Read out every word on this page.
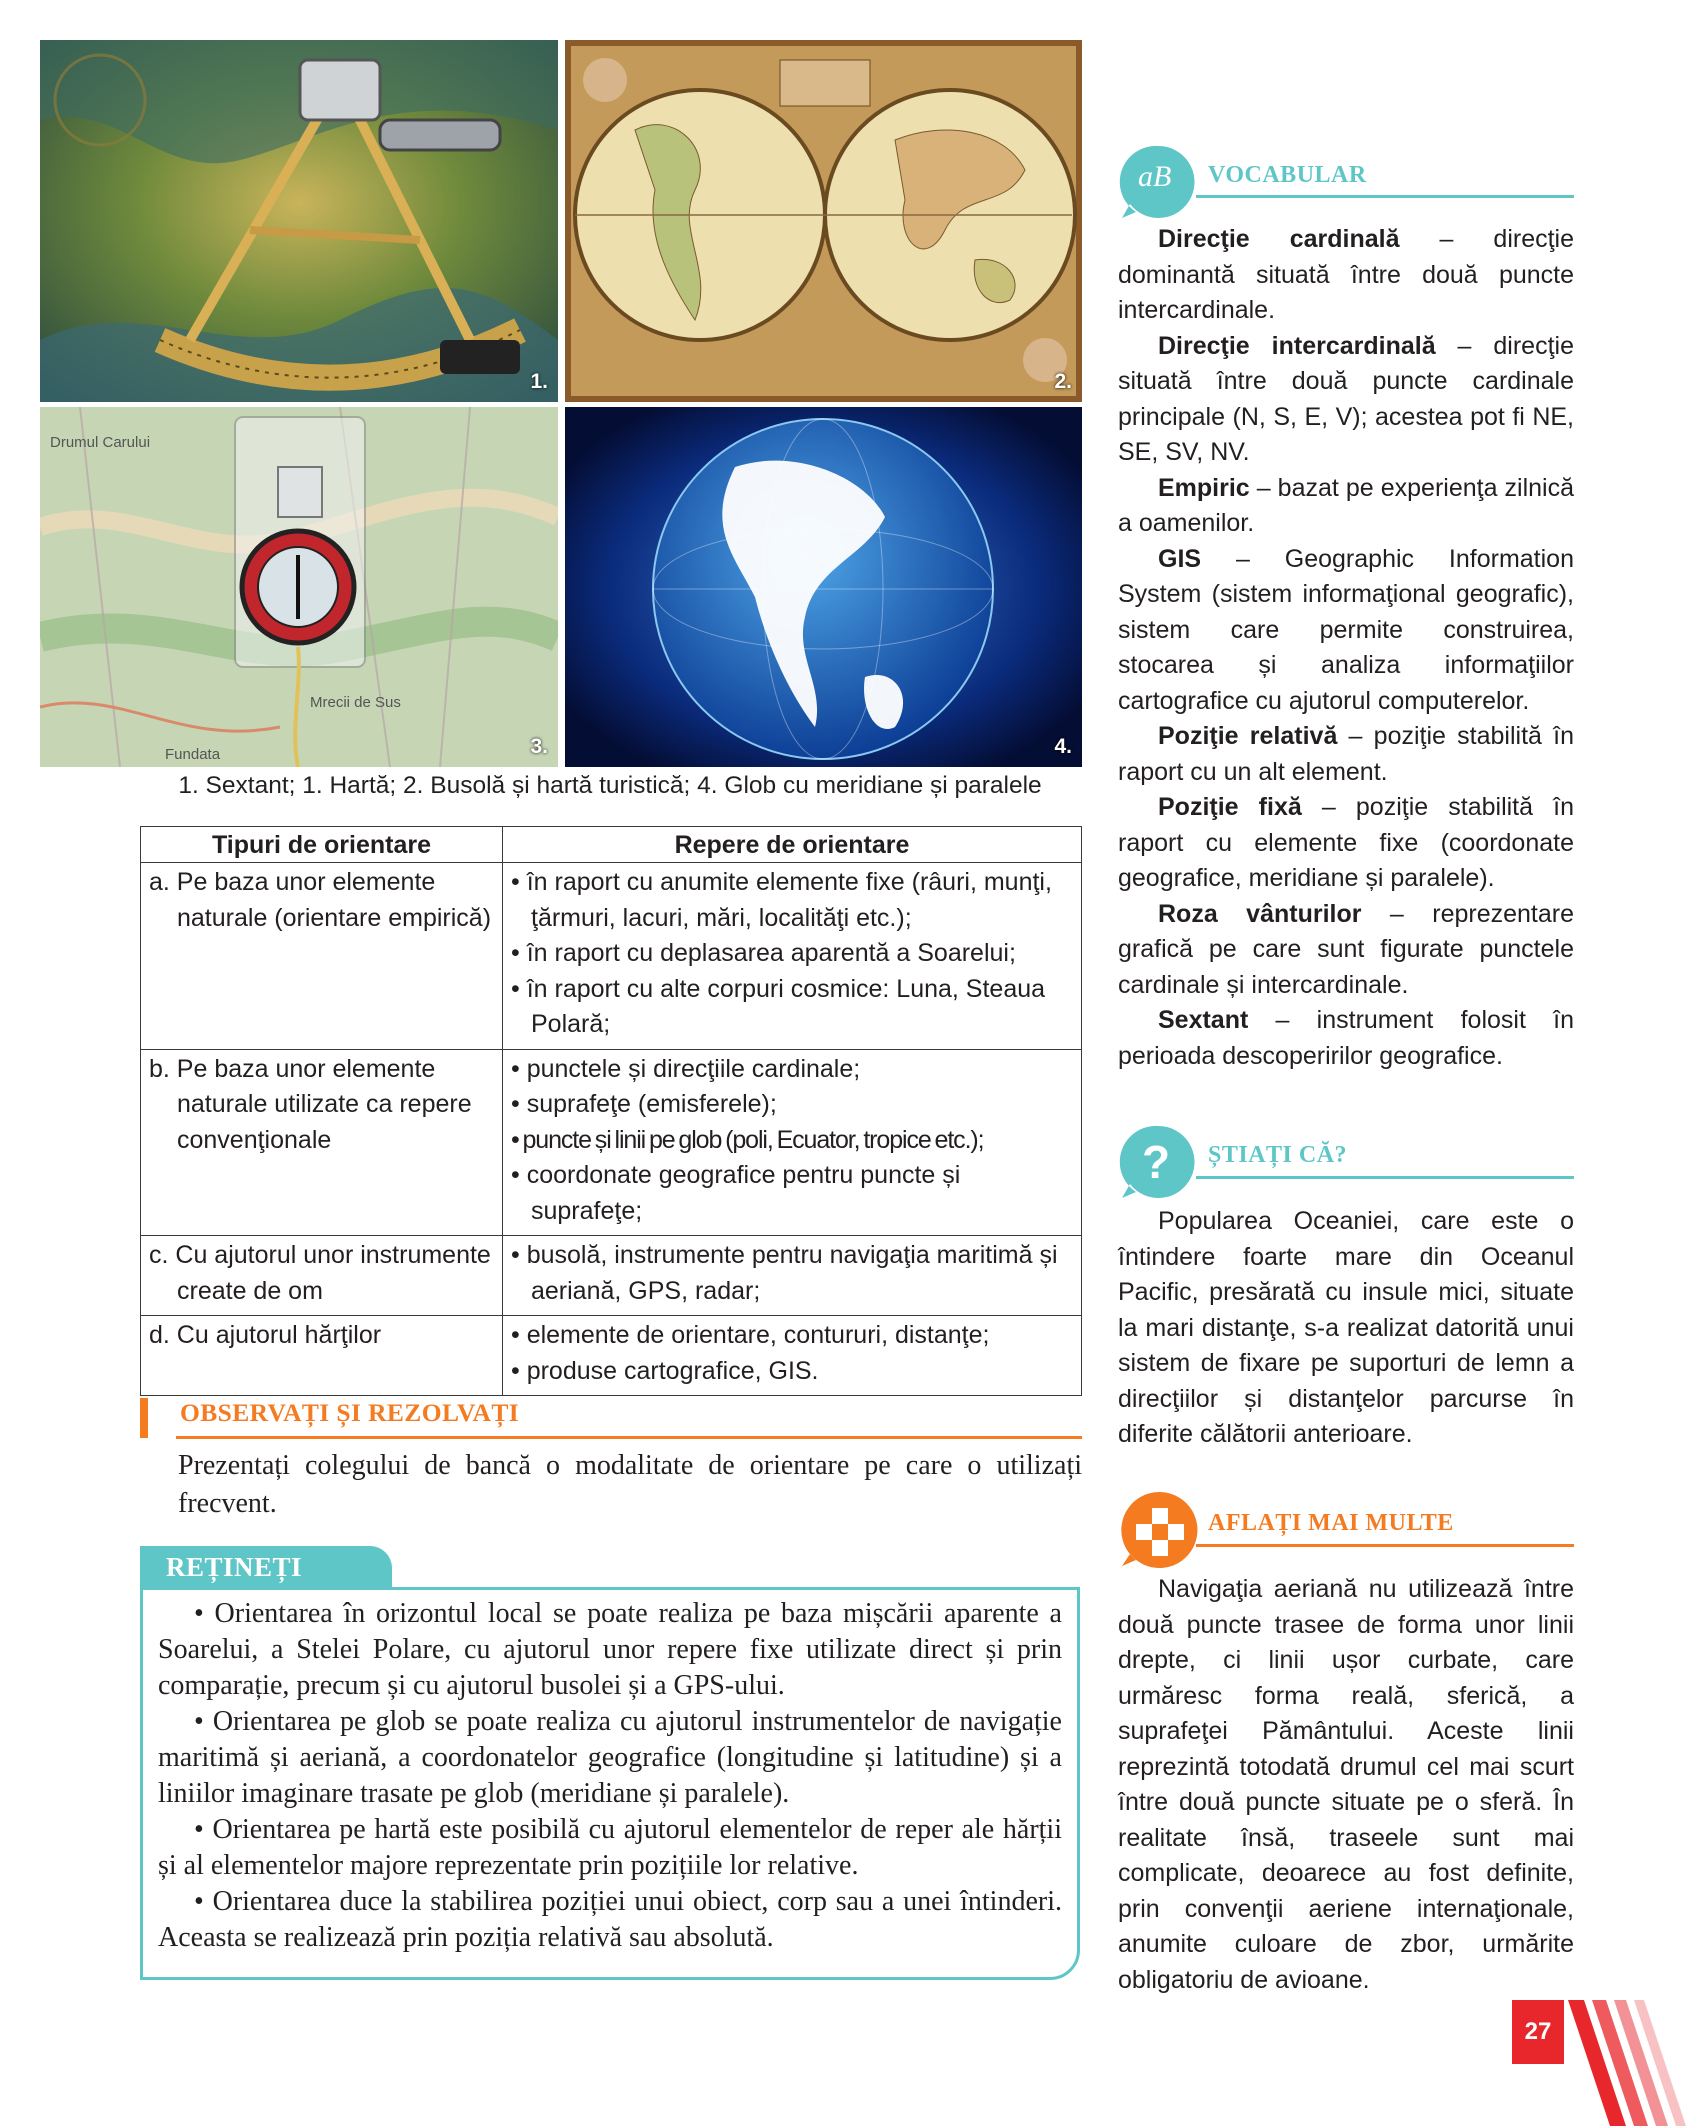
1.	2.
Drumul Carului
Mrecii de Sus
Fundata	3.	4.
1. Sextant; 1. Hartă; 2. Busolă și hartă turistică; 4. Glob cu meridiane și paralele
Tipuri de orientare	Repere de orientare

a. Pe baza unor elemente naturale (orientare empirică)	• în raport cu anumite elemente fixe (râuri, munţi, ţărmuri, lacuri, mări, localităţi etc.);
• în raport cu deplasarea aparentă a Soarelui;
• în raport cu alte corpuri cosmice: Luna, Steaua Polară;

b. Pe baza unor elemente naturale utilizate ca repere convenţionale	• punctele și direcţiile cardinale;
• suprafeţe (emisferele);
• puncte și linii pe glob (poli, Ecuator, tropice etc.);
• coordonate geografice pentru puncte și suprafeţe;

c. Cu ajutorul unor instrumente create de om	• busolă, instrumente pentru navigaţia maritimă și aeriană, GPS, radar;

d. Cu ajutorul hărţilor	• elemente de orientare, contururi, distanţe;
• produse cartografice, GIS.
OBSERVAȚI ȘI REZOLVAȚI
Prezentați colegului de bancă o modalitate de orientare pe care o utilizați frecvent.
REȚINEȚI

• Orientarea în orizontul local se poate realiza pe baza mișcării aparente a Soarelui, a Stelei Polare, cu ajutorul unor repere fixe utilizate direct și prin comparație, precum și cu ajutorul busolei și a GPS-ului.

• Orientarea pe glob se poate realiza cu ajutorul instrumentelor de navigație maritimă și aeriană, a coordonatelor geografice (longitudine și latitudine) și a liniilor imaginare trasate pe glob (meridiane și paralele).

• Orientarea pe hartă este posibilă cu ajutorul elementelor de reper ale hărții și al elementelor majore reprezentate prin pozițiile lor relative.

• Orientarea duce la stabilirea poziției unui obiect, corp sau a unei întinderi. Aceasta se realizează prin poziția relativă sau absolută.

aB VOCABULAR

Direcţie cardinală – direcţie dominantă situată între două puncte intercardinale.

Direcţie intercardinală – direcţie situată între două puncte cardinale principale (N, S, E, V); acestea pot fi NE, SE, SV, NV.

Empiric – bazat pe experienţa zilnică a oamenilor.

GIS – Geographic Information System (sistem informaţional geografic), sistem care permite construirea, stocarea și analiza informaţiilor cartografice cu ajutorul computerelor.

Poziţie relativă – poziţie stabilită în raport cu un alt element.

Poziţie fixă – poziţie stabilită în raport cu elemente fixe (coordonate geografice, meridiane și paralele).

Roza vânturilor – reprezentare grafică pe care sunt figurate punctele cardinale și intercardinale.

Sextant – instrument folosit în perioada descoperirilor geografice.

? ȘTIAȚI CĂ?

Popularea Oceaniei, care este o întindere foarte mare din Oceanul Pacific, presărată cu insule mici, situate la mari distanţe, s-a realizat datorită unui sistem de fixare pe suporturi de lemn a direcţiilor și distanţelor parcurse în diferite călătorii anterioare.

AFLAȚI MAI MULTE

Navigaţia aeriană nu utilizează între două puncte trasee de forma unor linii drepte, ci linii ușor curbate, care urmăresc forma reală, sferică, a suprafeţei Pământului. Aceste linii reprezintă totodată drumul cel mai scurt între două puncte situate pe o sferă. În realitate însă, traseele sunt mai complicate, deoarece au fost definite, prin convenţii aeriene internaţionale, anumite culoare de zbor, urmărite obligatoriu de avioane.

27
